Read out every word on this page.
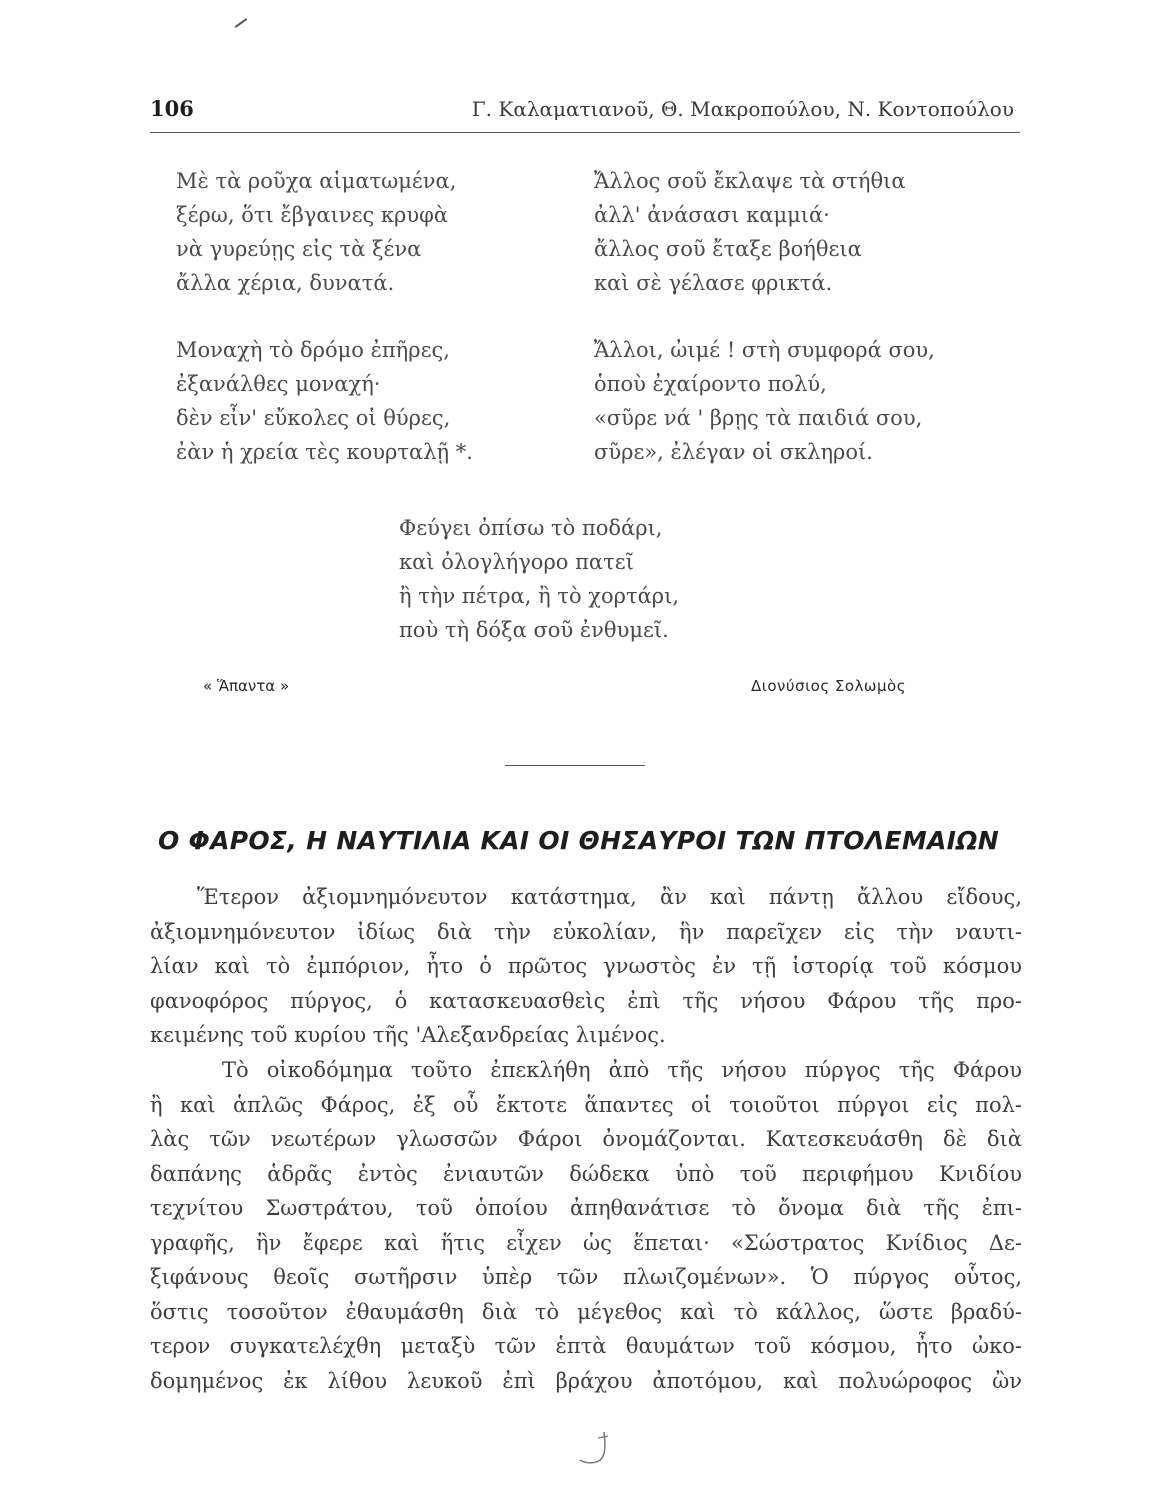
106	Γ. Καλαματιανοῦ, Θ. Μακροπούλου, Ν. Κοντοπούλου
Μὲ τὰ ροῦχα αἱματωμένα,
ξέρω, ὅτι ἔβγαινες κρυφὰ
νὰ γυρεύῃς εἰς τὰ ξένα
ἄλλα χέρια, δυνατά.
Μοναχὴ τὸ δρόμο ἐπῆρες,
ἐξανάλθες μοναχή·
δὲν εἶν' εὔκολες οἱ θύρες,
ἐὰν ἡ χρεία τὲς κουρταλῇ *.
Ἄλλος σοῦ ἔκλαψε τὰ στήθια
ἀλλ' ἀνάσασι καμμιά·
ἄλλος σοῦ ἔταξε βοήθεια
καὶ σὲ γέλασε φρικτά.
Ἄλλοι, ὠιμέ ! στὴ συμφορά σου,
ὁποὺ ἐχαίροντο πολύ,
«σῦρε νά ' βρῃς τὰ παιδιά σου,
σῦρε», ἐλέγαν οἱ σκληροί.
Φεύγει ὀπίσω τὸ ποδάρι,
καὶ ὀλογλήγορο πατεῖ
ἢ τὴν πέτρα, ἢ τὸ χορτάρι,
ποὺ τὴ δόξα σοῦ ἐνθυμεῖ.
« Ἅπαντα »	Διονύσιος Σολωμὸς
Ο ΦΑΡΟΣ, Η ΝΑΥΤΙΛΙΑ ΚΑΙ ΟΙ ΘΗΣΑΥΡΟΙ ΤΩΝ ΠΤΟΛΕΜΑΙΩΝ
Ἕτερον ἀξιομνημόνευτον κατάστημα, ἂν καὶ πάντῃ ἄλλου εἴδους,
ἀξιομνημόνευτον ἰδίως διὰ τὴν εὐκολίαν, ἣν παρεῖχεν εἰς τὴν ναυτι-
λίαν καὶ τὸ ἐμπόριον, ἦτο ὁ πρῶτος γνωστὸς ἐν τῇ ἱστορίᾳ τοῦ κόσμου
φανοφόρος πύργος, ὁ κατασκευασθεὶς ἐπὶ τῆς νήσου Φάρου τῆς προ-
κειμένης τοῦ κυρίου τῆς 'Αλεξανδρείας λιμένος.
Τὸ οἰκοδόμημα τοῦτο ἐπεκλήθη ἀπὸ τῆς νήσου πύργος τῆς Φάρου
ἢ καὶ ἁπλῶς Φάρος, ἐξ οὗ ἔκτοτε ἅπαντες οἱ τοιοῦτοι πύργοι εἰς πολ-
λὰς τῶν νεωτέρων γλωσσῶν Φάροι ὀνομάζονται. Κατεσκευάσθη δὲ διὰ
δαπάνης ἁδρᾶς ἐντὸς ἐνιαυτῶν δώδεκα ὑπὸ τοῦ περιφήμου Κνιδίου
τεχνίτου Σωστράτου, τοῦ ὁποίου ἀπηθανάτισε τὸ ὄνομα διὰ τῆς ἐπι-
γραφῆς, ἣν ἔφερε καὶ ἥτις εἶχεν ὡς ἕπεται· «Σώστρατος Κνίδιος Δε-
ξιφάνους θεοῖς σωτῆρσιν ὑπὲρ τῶν πλωιζομένων». Ὁ πύργος οὗτος,
ὅστις τοσοῦτον ἐθαυμάσθη διὰ τὸ μέγεθος καὶ τὸ κάλλος, ὥστε βραδύ-
τερον συγκατελέχθη μεταξὺ τῶν ἑπτὰ θαυμάτων τοῦ κόσμου, ἦτο ὠκο-
δομημένος ἐκ λίθου λευκοῦ ἐπὶ βράχου ἀποτόμου, καὶ πολυώροφος ὢν
